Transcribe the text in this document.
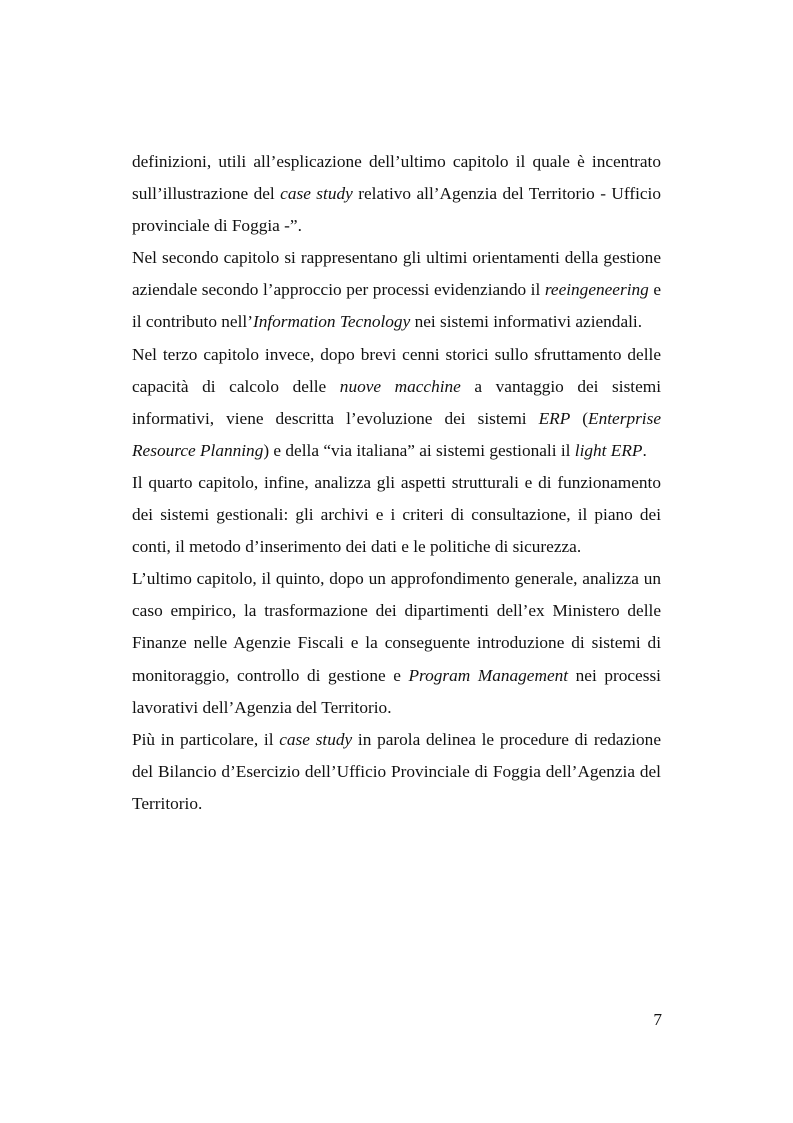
definizioni, utili all’esplicazione dell’ultimo capitolo il quale è incentrato sull’illustrazione del case study relativo all’Agenzia del Territorio - Ufficio provinciale di Foggia -”.

Nel secondo capitolo si rappresentano gli ultimi orientamenti della gestione aziendale secondo l’approccio per processi evidenziando il reeingeneering e il contributo nell’Information Tecnology nei sistemi informativi aziendali.

Nel terzo capitolo invece, dopo brevi cenni storici sullo sfruttamento delle capacità di calcolo delle nuove macchine a vantaggio dei sistemi informativi, viene descritta l’evoluzione dei sistemi ERP (Enterprise Resource Planning) e della “via italiana” ai sistemi gestionali il light ERP.

Il quarto capitolo, infine, analizza gli aspetti strutturali e di funzionamento dei sistemi gestionali: gli archivi e i criteri di consultazione, il piano dei conti, il metodo d’inserimento dei dati e le politiche di sicurezza.

L’ultimo capitolo, il quinto, dopo un approfondimento generale, analizza un caso empirico, la trasformazione dei dipartimenti dell’ex Ministero delle Finanze nelle Agenzie Fiscali e la conseguente introduzione di sistemi di monitoraggio, controllo di gestione e Program Management nei processi lavorativi dell’Agenzia del Territorio.

Più in particolare, il case study in parola delinea le procedure di redazione del Bilancio d’Esercizio dell’Ufficio Provinciale di Foggia dell’Agenzia del Territorio.

7
